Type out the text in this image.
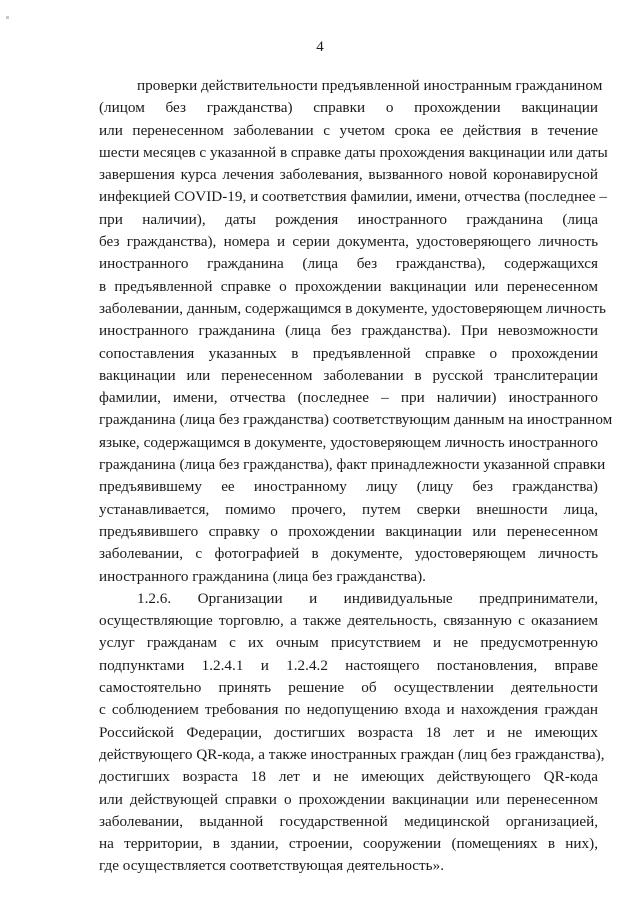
4

проверки действительности предъявленной иностранным гражданином
(лицом без гражданства) справки о прохождении вакцинации
или перенесенном заболевании с учетом срока ее действия в течение
шести месяцев с указанной в справке даты прохождения вакцинации или даты
завершения курса лечения заболевания, вызванного новой коронавирусной
инфекцией COVID-19, и соответствия фамилии, имени, отчества (последнее –
при наличии), даты рождения иностранного гражданина (лица
без гражданства), номера и серии документа, удостоверяющего личность
иностранного гражданина (лица без гражданства), содержащихся
в предъявленной справке о прохождении вакцинации или перенесенном
заболевании, данным, содержащимся в документе, удостоверяющем личность
иностранного гражданина (лица без гражданства). При невозможности
сопоставления указанных в предъявленной справке о прохождении
вакцинации или перенесенном заболевании в русской транслитерации
фамилии, имени, отчества (последнее – при наличии) иностранного
гражданина (лица без гражданства) соответствующим данным на иностранном
языке, содержащимся в документе, удостоверяющем личность иностранного
гражданина (лица без гражданства), факт принадлежности указанной справки
предъявившему ее иностранному лицу (лицу без гражданства)
устанавливается, помимо прочего, путем сверки внешности лица,
предъявившего справку о прохождении вакцинации или перенесенном
заболевании, с фотографией в документе, удостоверяющем личность
иностранного гражданина (лица без гражданства).

1.2.6. Организации и индивидуальные предприниматели,
осуществляющие торговлю, а также деятельность, связанную с оказанием
услуг гражданам с их очным присутствием и не предусмотренную
подпунктами 1.2.4.1 и 1.2.4.2 настоящего постановления, вправе
самостоятельно принять решение об осуществлении деятельности
с соблюдением требования по недопущению входа и нахождения граждан
Российской Федерации, достигших возраста 18 лет и не имеющих
действующего QR-кода, а также иностранных граждан (лиц без гражданства),
достигших возраста 18 лет и не имеющих действующего QR-кода
или действующей справки о прохождении вакцинации или перенесенном
заболевании, выданной государственной медицинской организацией,
на территории, в здании, строении, сооружении (помещениях в них),
где осуществляется соответствующая деятельность».
